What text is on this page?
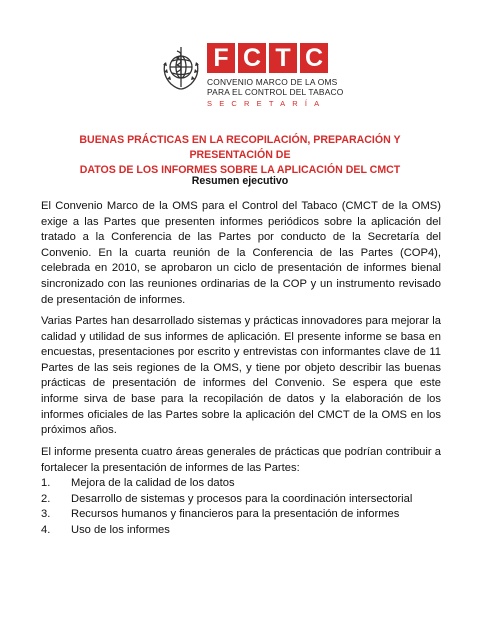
F C T C
CONVENIO MARCO DE LA OMS
PARA EL CONTROL DEL TABACO
SECRETARÍA
BUENAS PRÁCTICAS EN LA RECOPILACIÓN, PREPARACIÓN Y PRESENTACIÓN DE
DATOS DE LOS INFORMES SOBRE LA APLICACIÓN DEL CMCT
Resumen ejecutivo
El Convenio Marco de la OMS para el Control del Tabaco (CMCT de la OMS) exige a las Partes que presenten informes periódicos sobre la aplicación del tratado a la Conferencia de las Partes por conducto de la Secretaría del Convenio. En la cuarta reunión de la Conferencia de las Partes (COP4), celebrada en 2010, se aprobaron un ciclo de presentación de informes bienal sincronizado con las reuniones ordinarias de la COP y un instrumento revisado de presentación de informes.
Varias Partes han desarrollado sistemas y prácticas innovadores para mejorar la calidad y utilidad de sus informes de aplicación. El presente informe se basa en encuestas, presentaciones por escrito y entrevistas con informantes clave de 11 Partes de las seis regiones de la OMS, y tiene por objeto describir las buenas prácticas de presentación de informes del Convenio. Se espera que este informe sirva de base para la recopilación de datos y la elaboración de los informes oficiales de las Partes sobre la aplicación del CMCT de la OMS en los próximos años.
El informe presenta cuatro áreas generales de prácticas que podrían contribuir a fortalecer la presentación de informes de las Partes:
1.	Mejora de la calidad de los datos
2.	Desarrollo de sistemas y procesos para la coordinación intersectorial
3.	Recursos humanos y financieros para la presentación de informes
4.	Uso de los informes
